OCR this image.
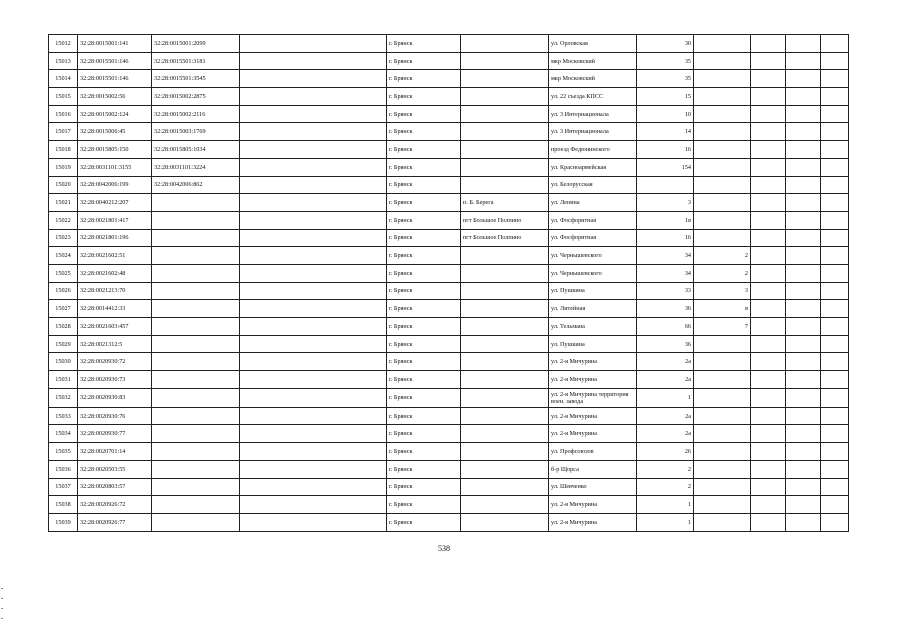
15012	32:28:0015001:141	32:28:0015001:2099		г. Брянск		ул. Орловская	30				
15013	32:28:0015501:146	32:28:0015501:3181		г. Брянск		мкр Московский	35				
15014	32:28:0015501:146	32:28:0015501:3545		г. Брянск		мкр Московский	35				
15015	32:28:0015002:56	32:28:0015002:2875		г. Брянск		ул. 22 съезда КПСС	15				
15016	32:28:0015002:124	32:28:0015002:2116		г. Брянск		ул. 3 Интернационала	10				
15017	32:28:0015006:45	32:28:0015003:1769		г. Брянск		ул. 3 Интернационала	14				
15018	32:28:0015805:150	32:28:0015805:1034		г. Брянск		проезд Федюнинского	16				
15019	32:28:0031101:3155	32:28:0031101:3224		г. Брянск		ул. Красноармейская	154				
15020	32:28:0042006:199	32:28:0042006:862		г. Брянск		ул. Белорусская					
15021	32:28:0040212:207			г. Брянск	п. Б. Берега	ул. Ленина	3				
15022	32:28:0021801:417			г. Брянск	пгт Большое Полпино	ул. Фосфоритная	1в				
15023	32:28:0021801:196			г. Брянск	пгт Большое Полпино	ул. Фосфоритная	16				
15024	32:28:0021602:51			г. Брянск		ул. Чернышевского	34	2			
15025	32:28:0021602:48			г. Брянск		ул. Чернышевского	34	2			
15026	32:28:0021213:70			г. Брянск		ул. Пушкина	33	3			
15027	32:28:0014412:33			г. Брянск		ул. Литейная	36	в			
15028	32:28:0021603:457			г. Брянск		ул. Тельмана	66	7			
15029	32:28:0021312:5			г. Брянск		ул. Пушкина	36				
15030	32:28:0020930:72			г. Брянск		ул. 2-я Мичурина	2а				
15031	32:28:0020930:73			г. Брянск		ул. 2-я Мичурина	2а				
15032	32:28:0020930:83			г. Брянск		ул. 2-я Мичурина территория воен. завода	1				
15033	32:28:0020930:76			г. Брянск		ул. 2-я Мичурина	2а				
15034	32:28:0020930:77			г. Брянск		ул. 2-я Мичурина	2а				
15035	32:28:0020701:14			г. Брянск		ул. Профсоюзов	26				
15036	32:28:0020503:55			г. Брянск		б-р Щорса	2				
15037	32:28:0020803:57			г. Брянск		ул. Шевченко	2				
15038	32:28:0020926:72			г. Брянск		ул. 2-я Мичурина	1				
15039	32:28:0020926:77			г. Брянск		ул. 2-я Мичурина	1				
538
